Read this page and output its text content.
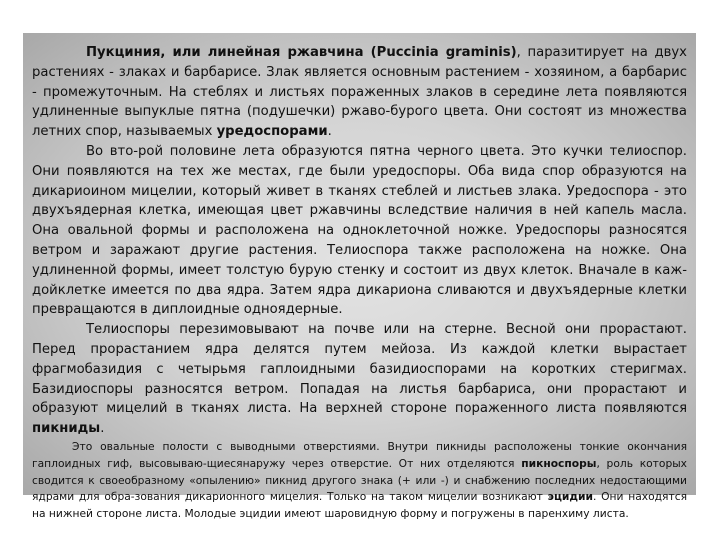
Пукциния, или линейная ржавчина (Puccinia graminis), паразитирует на двух растениях - злаках и барбарисе. Злак является основным растением - хозяином, а барбарис - промежуточным. На стеблях и листьях пораженных злаков в середине лета появляются удлиненные выпуклые пятна (подушечки) ржаво-бурого цвета. Они состоят из множества летних спор, называемых уредоспорами.

Во вто-рой половине лета образуются пятна черного цвета. Это кучки телиоспор. Они появляются на тех же местах, где были уредоспоры. Оба вида спор образуются на дикариоином мицелии, который живет в тканях стеблей и листьев злака. Уредоспора - это двухъядерная клетка, имеющая цвет ржавчины вследствие наличия в ней капель масла. Она овальной формы и расположена на одноклеточной ножке. Уредоспоры разносятся ветром и заражают другие растения. Телиоспора также расположена на ножке. Она удлиненной формы, имеет толстую бурую стенку и состоит из двух клеток. Вначале в каж-дойклетке имеется по два ядра. Затем ядра дикариона сливаются и двухъядерные клетки превращаются в диплоидные одноядерные.

Телиоспоры перезимовывают на почве или на стерне. Весной они прорастают. Перед прорастанием ядра делятся путем мейоза. Из каждой клетки вырастает фрагмобазидия с четырьмя гаплоидными базидиоспорами на коротких стеригмах. Базидиоспоры разносятся ветром. Попадая на листья барбариса, они прорастают и образуют мицелий в тканях листа. На верхней стороне пораженного листа появляются пикниды.

Это овальные полости с выводными отверстиями. Внутри пикниды расположены тонкие окончания гаплоидных гиф, высовываю-щиесянаружу через отверстие. От них отделяются пикноспоры, роль которых сводится к своеобразному «опылению» пикнид другого знака (+ или -) и снабжению последних недостающими ядрами для обра-зования дикарионного мицелия. Только на таком мицелии возникают эцидии. Они находятся на нижней стороне листа. Молодые эцидии имеют шаровидную форму и погружены в паренхиму листа.
